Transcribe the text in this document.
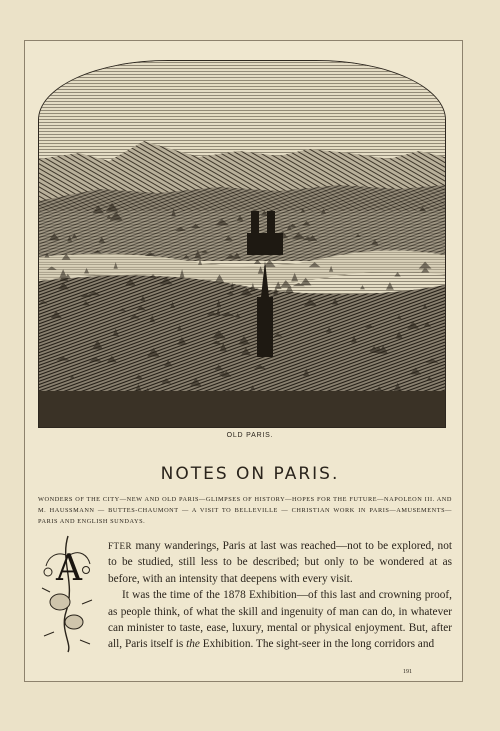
OLD PARIS.
NOTES ON PARIS.
WONDERS OF THE CITY—NEW AND OLD PARIS—GLIMPSES OF HISTORY—HOPES FOR THE FUTURE—NAPOLEON III. AND M. HAUSSMANN — BUTTES-CHAUMONT — A VISIT TO BELLEVILLE — CHRISTIAN WORK IN PARIS—AMUSEMENTS—PARIS AND ENGLISH SUNDAYS.
A

FTER many wanderings, Paris at last was reached—not to be explored, not to be studied, still less to be described; but only to be wondered at as before, with an intensity that deepens with every visit.

It was the time of the 1878 Exhibition—of this last and crowning proof, as people think, of what the skill and ingenuity of man can do, in whatever can minister to taste, ease, luxury, mental or physical enjoyment. But, after all, Paris itself is the Exhibition. The sight-seer in the long corridors and

191
